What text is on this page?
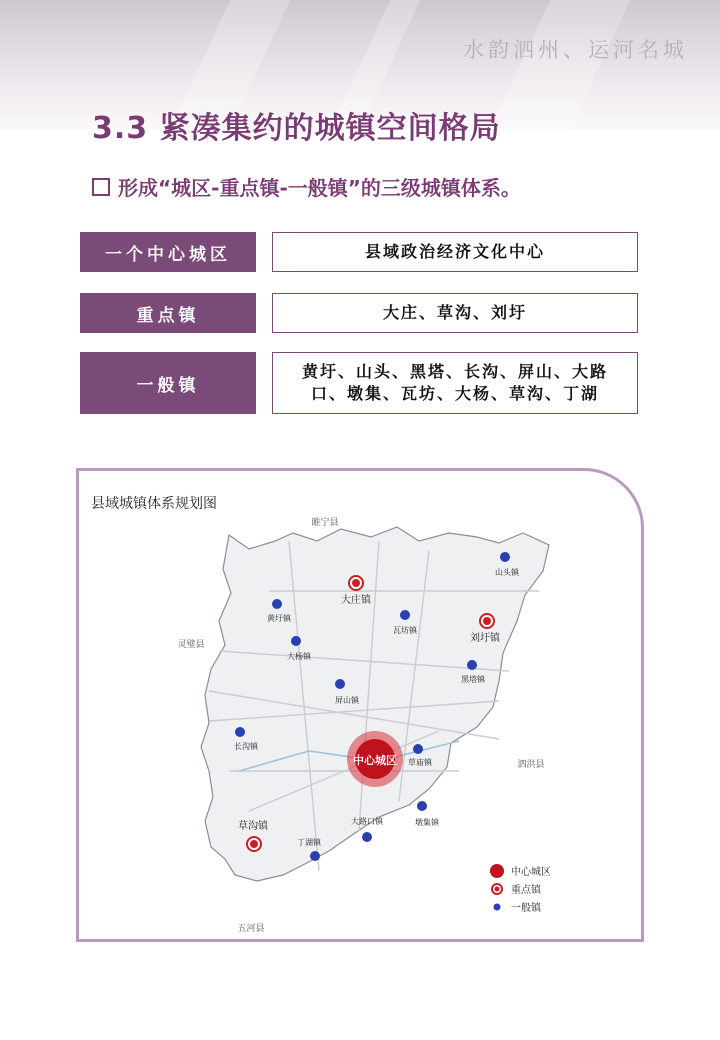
水韵泗州、运河名城
3.3 紧凑集约的城镇空间格局
形成“城区-重点镇-一般镇”的三级城镇体系。
一个中心城区	县域政治经济文化中心
重点镇	大庄、草沟、刘圩
一般镇
黄圩、山头、黑塔、长沟、屏山、大路口、墩集、瓦坊、大杨、草沟、丁湖
县域城镇体系规划图
中心城区
大庄镇
刘圩镇
草沟镇
山头镇
黄圩镇
瓦坊镇
大杨镇
黑塔镇
屏山镇
长沟镇
草庙镇
墩集镇
大路口镇
丁湖镇
睢宁县
灵璧县
泗洪县
五河县
中心城区
重点镇
一般镇
